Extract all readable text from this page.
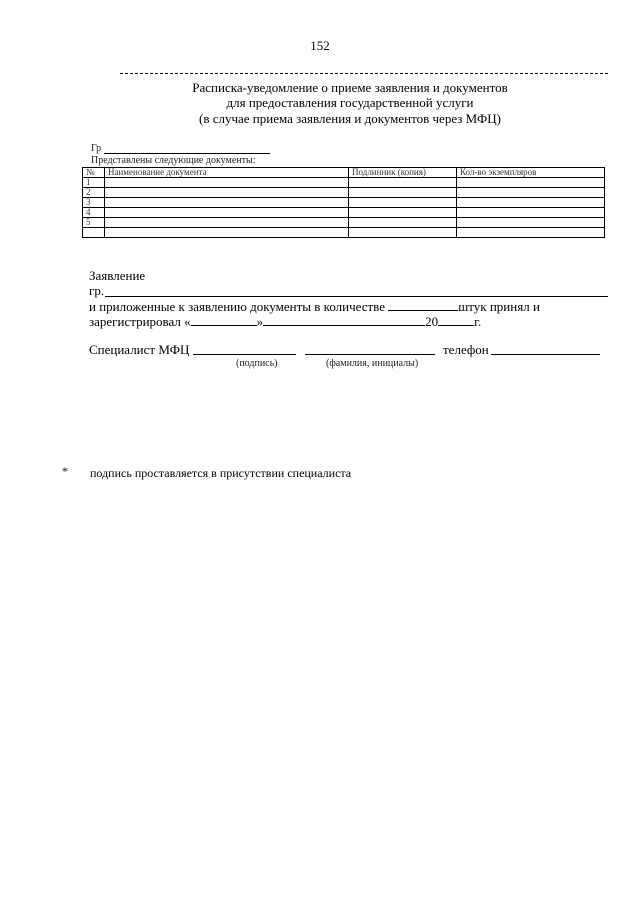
152
Расписка-уведомление о приеме заявления и документов
для предоставления государственной услуги
(в случае приема заявления и документов через МФЦ)
Гр
Представлены следующие документы:
№	Наименование документа	Подлинник (копия)	Кол-во экземпляров
1			
2			
3			
4			
5			

Заявление
гр.
и приложенные к заявлению документы в количестве	штук принял и
зарегистрировал «	»	20	г.
Специалист МФЦ	телефон
(подпись)	(фамилия, инициалы)
* подпись проставляется в присутствии специалиста
